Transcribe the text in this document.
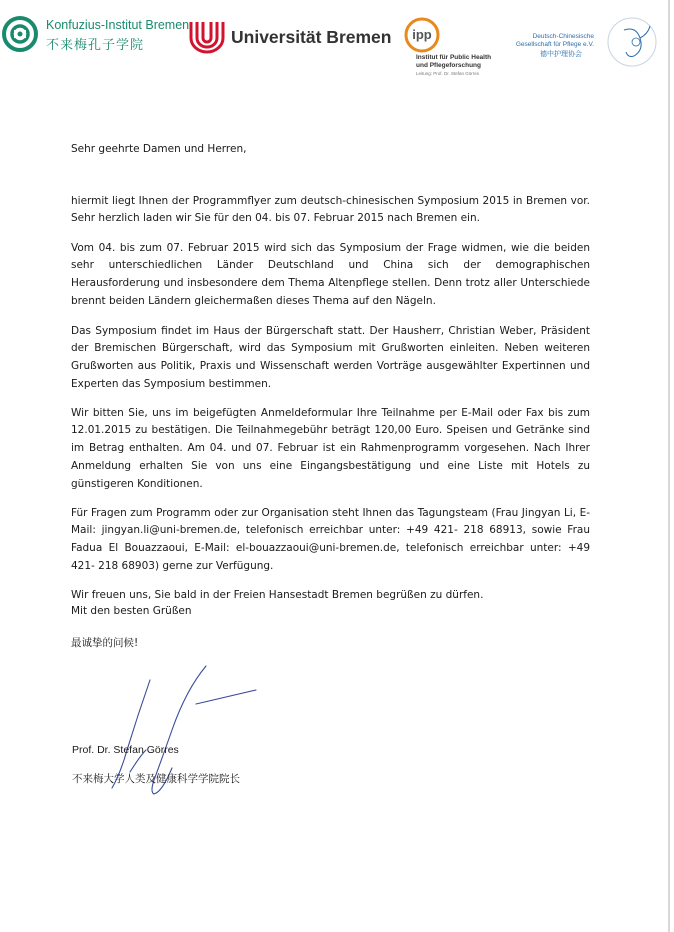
Konfuzius-Institut Bremen
不来梅孔子学院	Universität Bremen ipp
Institut für Public Health
und Pflegeforschung
Leitung: Prof. Dr. Stefan Görres
Deutsch-Chinesische
Gesellschaft für Pflege e.V.
德中护理协会
Sehr geehrte Damen und Herren,

hiermit liegt Ihnen der Programmflyer zum deutsch-chinesischen Symposium 2015 in Bremen vor. Sehr herzlich laden wir Sie für den 04. bis 07. Februar 2015 nach Bremen ein.

Vom 04. bis zum 07. Februar 2015 wird sich das Symposium der Frage widmen, wie die beiden sehr unterschiedlichen Länder Deutschland und China sich der demographischen Herausforderung und insbesondere dem Thema Altenpflege stellen. Denn trotz aller Unterschiede brennt beiden Ländern gleichermaßen dieses Thema auf den Nägeln.

Das Symposium findet im Haus der Bürgerschaft statt. Der Hausherr, Christian Weber, Präsident der Bremischen Bürgerschaft, wird das Symposium mit Grußworten einleiten. Neben weiteren Grußworten aus Politik, Praxis und Wissenschaft werden Vorträge ausgewählter Expertinnen und Experten das Symposium bestimmen.

Wir bitten Sie, uns im beigefügten Anmeldeformular Ihre Teilnahme per E-Mail oder Fax bis zum 12.01.2015 zu bestätigen. Die Teilnahmegebühr beträgt 120,00 Euro. Speisen und Getränke sind im Betrag enthalten. Am 04. und 07. Februar ist ein Rahmenprogramm vorgesehen. Nach Ihrer Anmeldung erhalten Sie von uns eine Eingangsbestätigung und eine Liste mit Hotels zu günstigeren Konditionen.

Für Fragen zum Programm oder zur Organisation steht Ihnen das Tagungsteam (Frau Jingyan Li, E-Mail: jingyan.li@uni-bremen.de, telefonisch erreichbar unter: +49 421- 218 68913, sowie Frau Fadua El Bouazzaoui, E-Mail: el-bouazzaoui@uni-bremen.de, telefonisch erreichbar unter: +49 421- 218 68903) gerne zur Verfügung.

Wir freuen uns, Sie bald in der Freien Hansestadt Bremen begrüßen zu dürfen.

Mit den besten Grüßen
最诚挚的问候!
Prof. Dr. Stefan Görres
不来梅大学人类及健康科学学院院长
